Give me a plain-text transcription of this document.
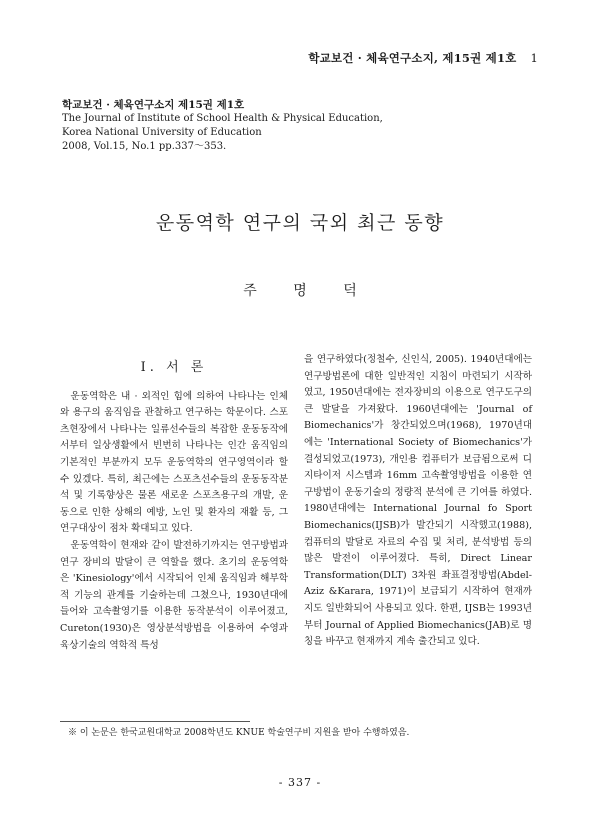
학교보건 · 체육연구소지, 제15권 제1호 1
학교보건 · 체육연구소지 제15권 제1호
The Journal of Institute of School Health & Physical Education,
Korea National University of Education
2008, Vol.15, No.1 pp.337～353.
운동역학 연구의 국외 최근 동향
주 명 덕
Ⅰ. 서 론

운동역학은 내 · 외적인 힘에 의하여 나타나는 인체와 용구의 움직임을 관찰하고 연구하는 학문이다. 스포츠현장에서 나타나는 일류선수들의 복잡한 운동동작에서부터 일상생활에서 빈번히 나타나는 인간 움직임의 기본적인 부분까지 모두 운동역학의 연구영역이라 할 수 있겠다. 특히, 최근에는 스포츠선수들의 운동동작분석 및 기록향상은 물론 새로운 스포츠용구의 개발, 운동으로 인한 상해의 예방, 노인 및 환자의 재활 등, 그 연구대상이 점차 확대되고 있다.

운동역학이 현재와 같이 발전하기까지는 연구방법과 연구 장비의 발달이 큰 역할을 했다. 초기의 운동역학은 'Kinesiology'에서 시작되어 인체 움직임과 해부학적 기능의 관계를 기술하는데 그쳤으나, 1930년대에 들어와 고속촬영기를 이용한 동작분석이 이루어졌고, Cureton(1930)은 영상분석방법을 이용하여 수영과 육상기술의 역학적 특성

을 연구하였다(정철수, 신인식, 2005). 1940년대에는 연구방법론에 대한 일반적인 지침이 마련되기 시작하였고, 1950년대에는 전자장비의 이용으로 연구도구의 큰 발달을 가져왔다. 1960년대에는 'Journal of Biomechanics'가 창간되었으며(1968), 1970년대에는 'International Society of Biomechanics'가 결성되었고(1973), 개인용 컴퓨터가 보급됨으로써 디지타이저 시스템과 16mm 고속촬영방법을 이용한 연구방법이 운동기술의 정량적 분석에 큰 기여를 하였다. 1980년대에는 International Journal fo Sport Biomechanics(IJSB)가 발간되기 시작했고(1988), 컴퓨터의 발달로 자료의 수집 및 처리, 분석방법 등의 많은 발전이 이루어졌다. 특히, Direct Linear Transformation(DLT) 3차원 좌표결정방법(Abdel-Aziz &Karara, 1971)이 보급되기 시작하여 현재까지도 일반화되어 사용되고 있다. 한편, IJSB는 1993년부터 Journal of Applied Biomechanics(JAB)로 명칭을 바꾸고 현재까지 계속 출간되고 있다.

※ 이 논문은 한국교원대학교 2008학년도 KNUE 학술연구비 지원을 받아 수행하였음.
- 337 -
